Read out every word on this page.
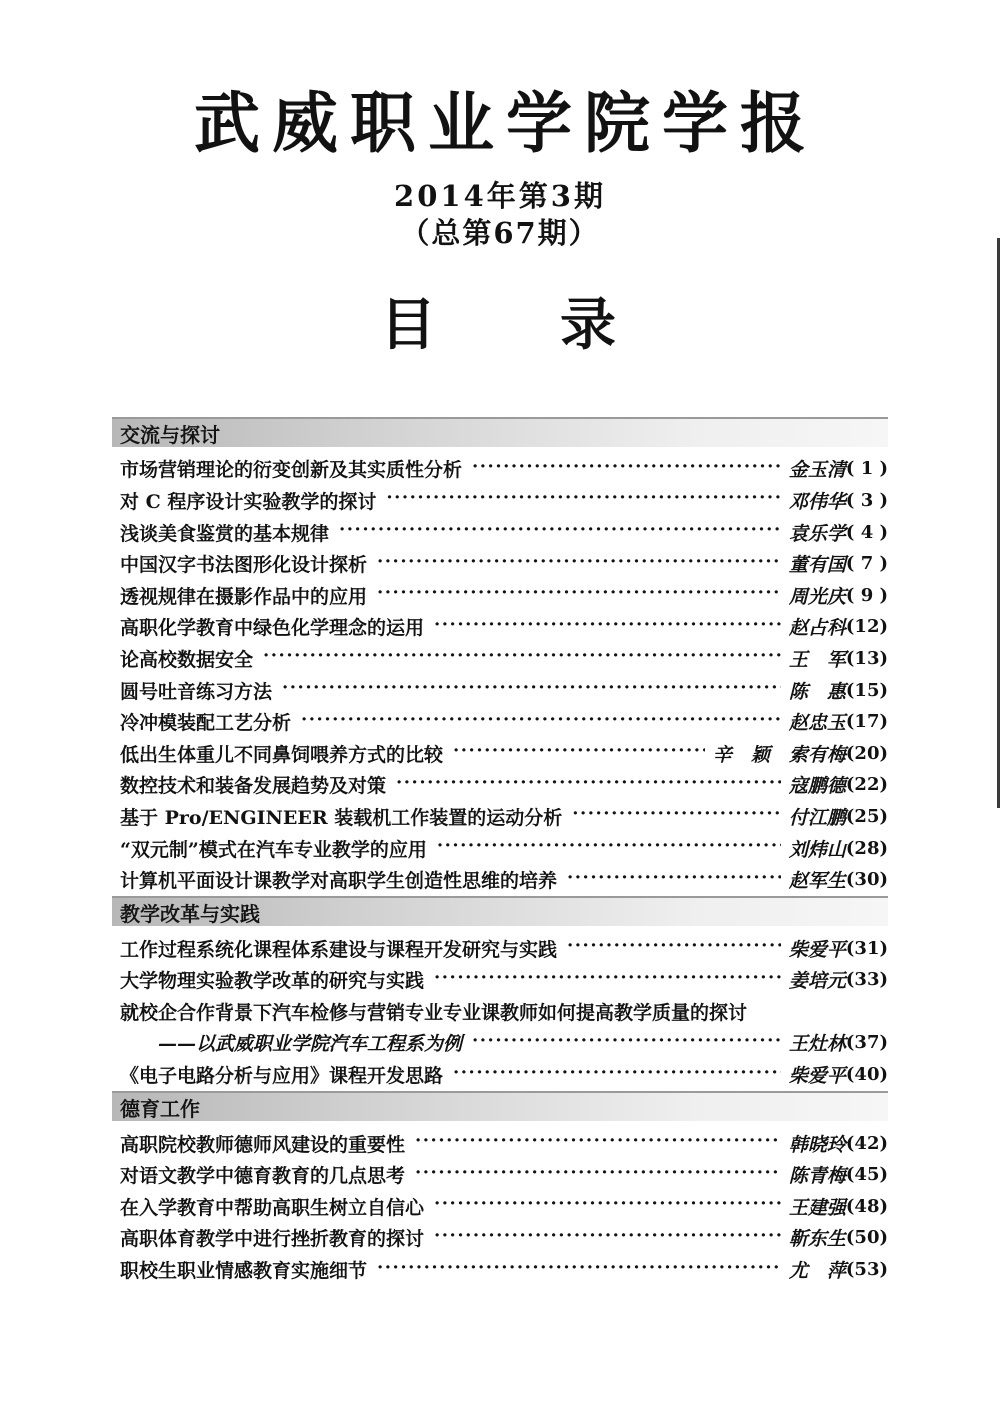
武威职业学院学报
2014年第3期
（总第67期）
目　　录
交流与探讨
市场营销理论的衍变创新及其实质性分析 ·····	金玉清 ( 1 )
对 C 程序设计实验教学的探讨 ·····	邓伟华 ( 3 )
浅谈美食鉴赏的基本规律 ·····	袁乐学 ( 4 )
中国汉字书法图形化设计探析 ·····	董有国 ( 7 )
透视规律在摄影作品中的应用 ·····	周光庆 ( 9 )
高职化学教育中绿色化学理念的运用 ·····	赵占科 (12)
论高校数据安全 ·····	王　军 (13)
圆号吐音练习方法 ·····	陈　惠 (15)
冷冲模装配工艺分析 ·····	赵忠玉 (17)
低出生体重儿不同鼻饲喂养方式的比较 ·····	辛　颖　索有梅 (20)
数控技术和装备发展趋势及对策 ·····	寇鹏德 (22)
基于 Pro/ENGINEER 装载机工作装置的运动分析 ·····	付江鹏 (25)
“双元制”模式在汽车专业教学的应用 ·····	刘炜山 (28)
计算机平面设计课教学对高职学生创造性思维的培养 ·····	赵军生 (30)
教学改革与实践
工作过程系统化课程体系建设与课程开发研究与实践 ·····	柴爱平 (31)
大学物理实验教学改革的研究与实践 ·····	姜培元 (33)
就校企合作背景下汽车检修与营销专业专业课教师如何提高教学质量的探讨
——以武威职业学院汽车工程系为例 ·····	王灶林 (37)
《电子电路分析与应用》课程开发思路 ·····	柴爱平 (40)
德育工作
高职院校教师德师风建设的重要性 ·····	韩晓玲 (42)
对语文教学中德育教育的几点思考 ·····	陈青梅 (45)
在入学教育中帮助高职生树立自信心 ·····	王建强 (48)
高职体育教学中进行挫折教育的探讨 ·····	靳东生 (50)
职校生职业情感教育实施细节 ·····	尤　萍 (53)
